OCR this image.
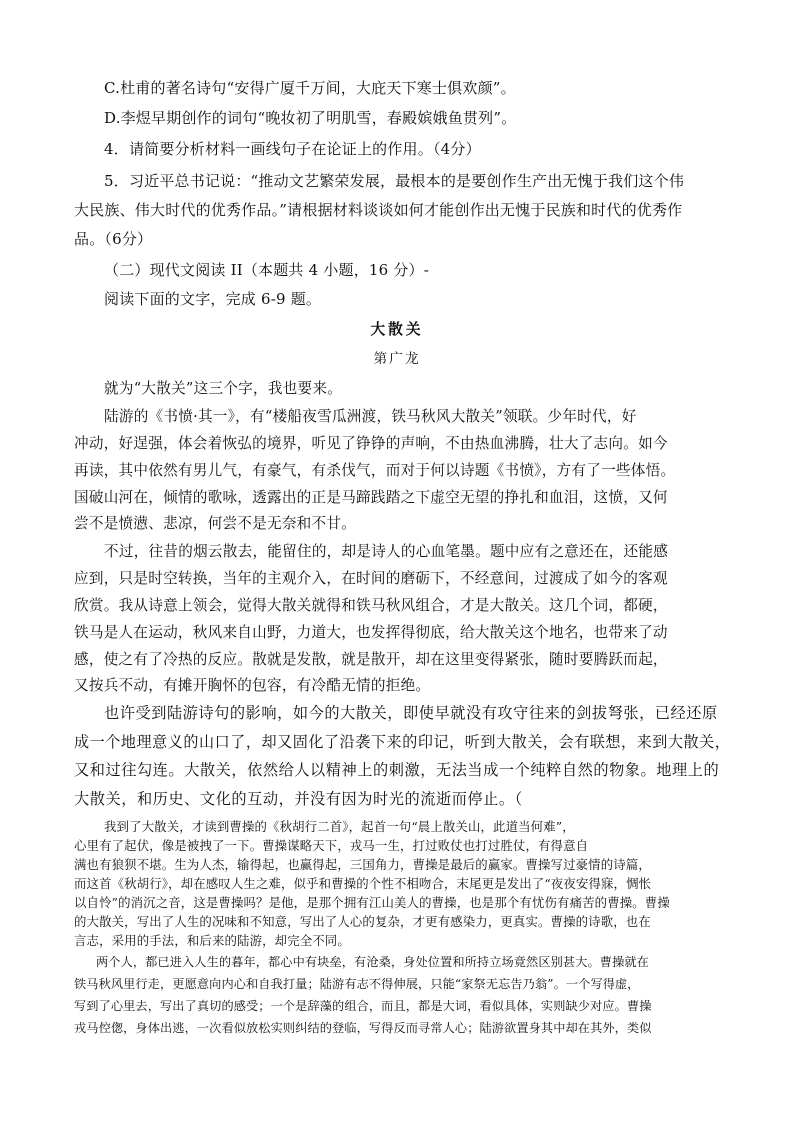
C.杜甫的著名诗句“安得广厦千万间，大庇天下寒士俱欢颜”。

D.李煜早期创作的词句“晚妆初了明肌雪，春殿嫔娥鱼贯列”。

4．请简要分析材料一画线句子在论证上的作用。（4分）

5．习近平总书记说：“推动文艺繁荣发展，最根本的是要创作生产出无愧于我们这个伟

大民族、伟大时代的优秀作品。”请根据材料谈谈如何才能创作出无愧于民族和时代的优秀作

品。（6分）

（二）现代文阅读 II（本题共 4 小题，16 分）-

阅读下面的文字，完成 6-9 题。

大散关

第广龙

就为“大散关”这三个字，我也要来。

陆游的《书愤·其一》，有“楼船夜雪瓜洲渡，铁马秋风大散关”领联。少年时代，好

冲动，好逞强，体会着恢弘的境界，听见了铮铮的声响，不由热血沸腾，壮大了志向。如今

再读，其中依然有男儿气，有豪气，有杀伐气，而对于何以诗题《书愤》，方有了一些体悟。

国破山河在，倾情的歌咏，透露出的正是马蹄践踏之下虚空无望的挣扎和血泪，这愤，又何

尝不是愤懑、悲凉，何尝不是无奈和不甘。

不过，往昔的烟云散去，能留住的，却是诗人的心血笔墨。题中应有之意还在，还能感

应到，只是时空转换，当年的主观介入，在时间的磨砺下，不经意间，过渡成了如今的客观

欣赏。我从诗意上领会，觉得大散关就得和铁马秋风组合，才是大散关。这几个词，都硬，

铁马是人在运动，秋风来自山野，力道大，也发挥得彻底，给大散关这个地名，也带来了动

感，使之有了冷热的反应。散就是发散，就是散开，却在这里变得紧张，随时要腾跃而起，

又按兵不动，有摊开胸怀的包容，有冷酷无情的拒绝。

也许受到陆游诗句的影响，如今的大散关，即使早就没有攻守往来的剑拔弩张，已经还原

成一个地理意义的山口了，却又固化了沿袭下来的印记，听到大散关，会有联想，来到大散关，

又和过往勾连。大散关，依然给人以精神上的刺激，无法当成一个纯粹自然的物象。地理上的

大散关，和历史、文化的互动，并没有因为时光的流逝而停止。（

我到了大散关，才读到曹操的《秋胡行二首》，起首一句“晨上散关山，此道当何难”，

心里有了起伏，像是被拽了一下。曹操谋略天下，戎马一生，打过败仗也打过胜仗，有得意自

满也有狼狈不堪。生为人杰，输得起，也赢得起，三国角力，曹操是最后的赢家。曹操写过豪情的诗篇，

而这首《秋胡行》，却在感叹人生之难，似乎和曹操的个性不相吻合，末尾更是发出了“夜夜安得寐，惆怅

以自怜”的消沉之音，这是曹操吗？是他，是那个拥有江山美人的曹操，也是那个有忧伤有痛苦的曹操。曹操

的大散关，写出了人生的况味和不知意，写出了人心的复杂，才更有感染力，更真实。曹操的诗歌，也在

言志，采用的手法，和后来的陆游，却完全不同。

两个人，都已进入人生的暮年，都心中有块垒，有沧桑，身处位置和所持立场竟然区别甚大。曹操就在

铁马秋风里行走，更愿意向内心和自我打量；陆游有志不得伸展，只能“家祭无忘告乃翁”。一个写得虚，

写到了心里去，写出了真切的感受；一个是辞藻的组合，而且，都是大词，看似具体，实则缺少对应。曹操

戎马倥偬，身体出逃，一次看似放松实则纠结的登临，写得反而寻常人心；陆游欲置身其中却在其外，类似
